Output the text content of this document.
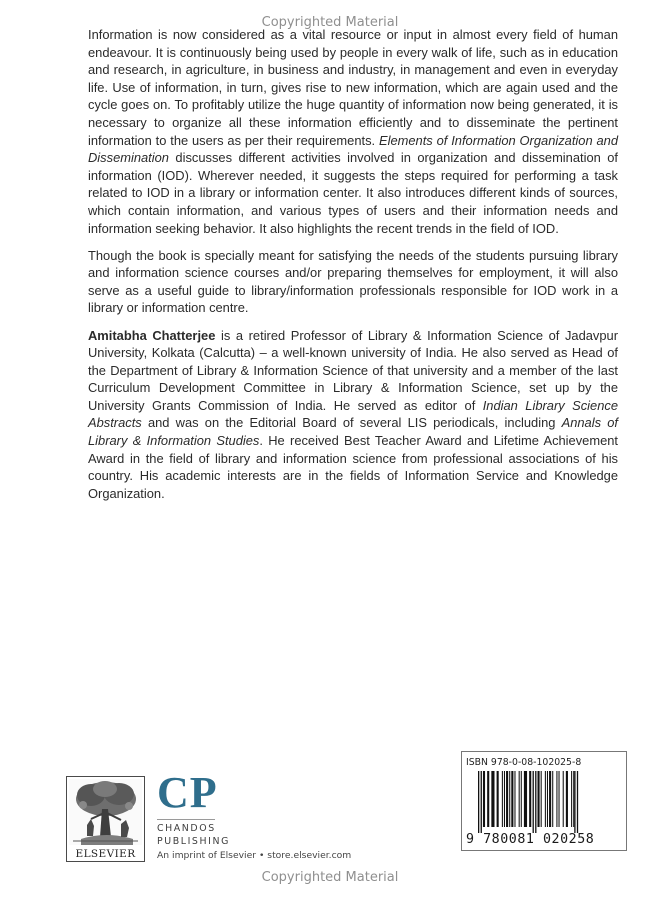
Copyrighted Material

Information is now considered as a vital resource or input in almost every field of human endeavour. It is continuously being used by people in every walk of life, such as in education and research, in agriculture, in business and industry, in management and even in everyday life. Use of information, in turn, gives rise to new information, which are again used and the cycle goes on. To profitably utilize the huge quantity of information now being generated, it is necessary to organize all these information efficiently and to disseminate the pertinent information to the users as per their requirements. Elements of Information Organization and Dissemination discusses different activities involved in organization and dissemination of information (IOD). Wherever needed, it suggests the steps required for performing a task related to IOD in a library or information center. It also introduces different kinds of sources, which contain information, and various types of users and their information needs and information seeking behavior. It also highlights the recent trends in the field of IOD.

Though the book is specially meant for satisfying the needs of the students pursuing library and information science courses and/or preparing themselves for employment, it will also serve as a useful guide to library/information professionals responsible for IOD work in a library or information centre.

Amitabha Chatterjee is a retired Professor of Library & Information Science of Jadavpur University, Kolkata (Calcutta) – a well-known university of India. He also served as Head of the Department of Library & Information Science of that university and a member of the last Curriculum Development Committee in Library & Information Science, set up by the University Grants Commission of India. He served as editor of Indian Library Science Abstracts and was on the Editorial Board of several LIS periodicals, including Annals of Library & Information Studies. He received Best Teacher Award and Lifetime Achievement Award in the field of library and information science from professional associations of his country. His academic interests are in the fields of Information Service and Knowledge Organization.

ELSEVIER
CP
CHANDOS
PUBLISHING
An imprint of Elsevier • store.elsevier.com
ISBN 978-0-08-102025-8
9 780081 020258
Copyrighted Material
